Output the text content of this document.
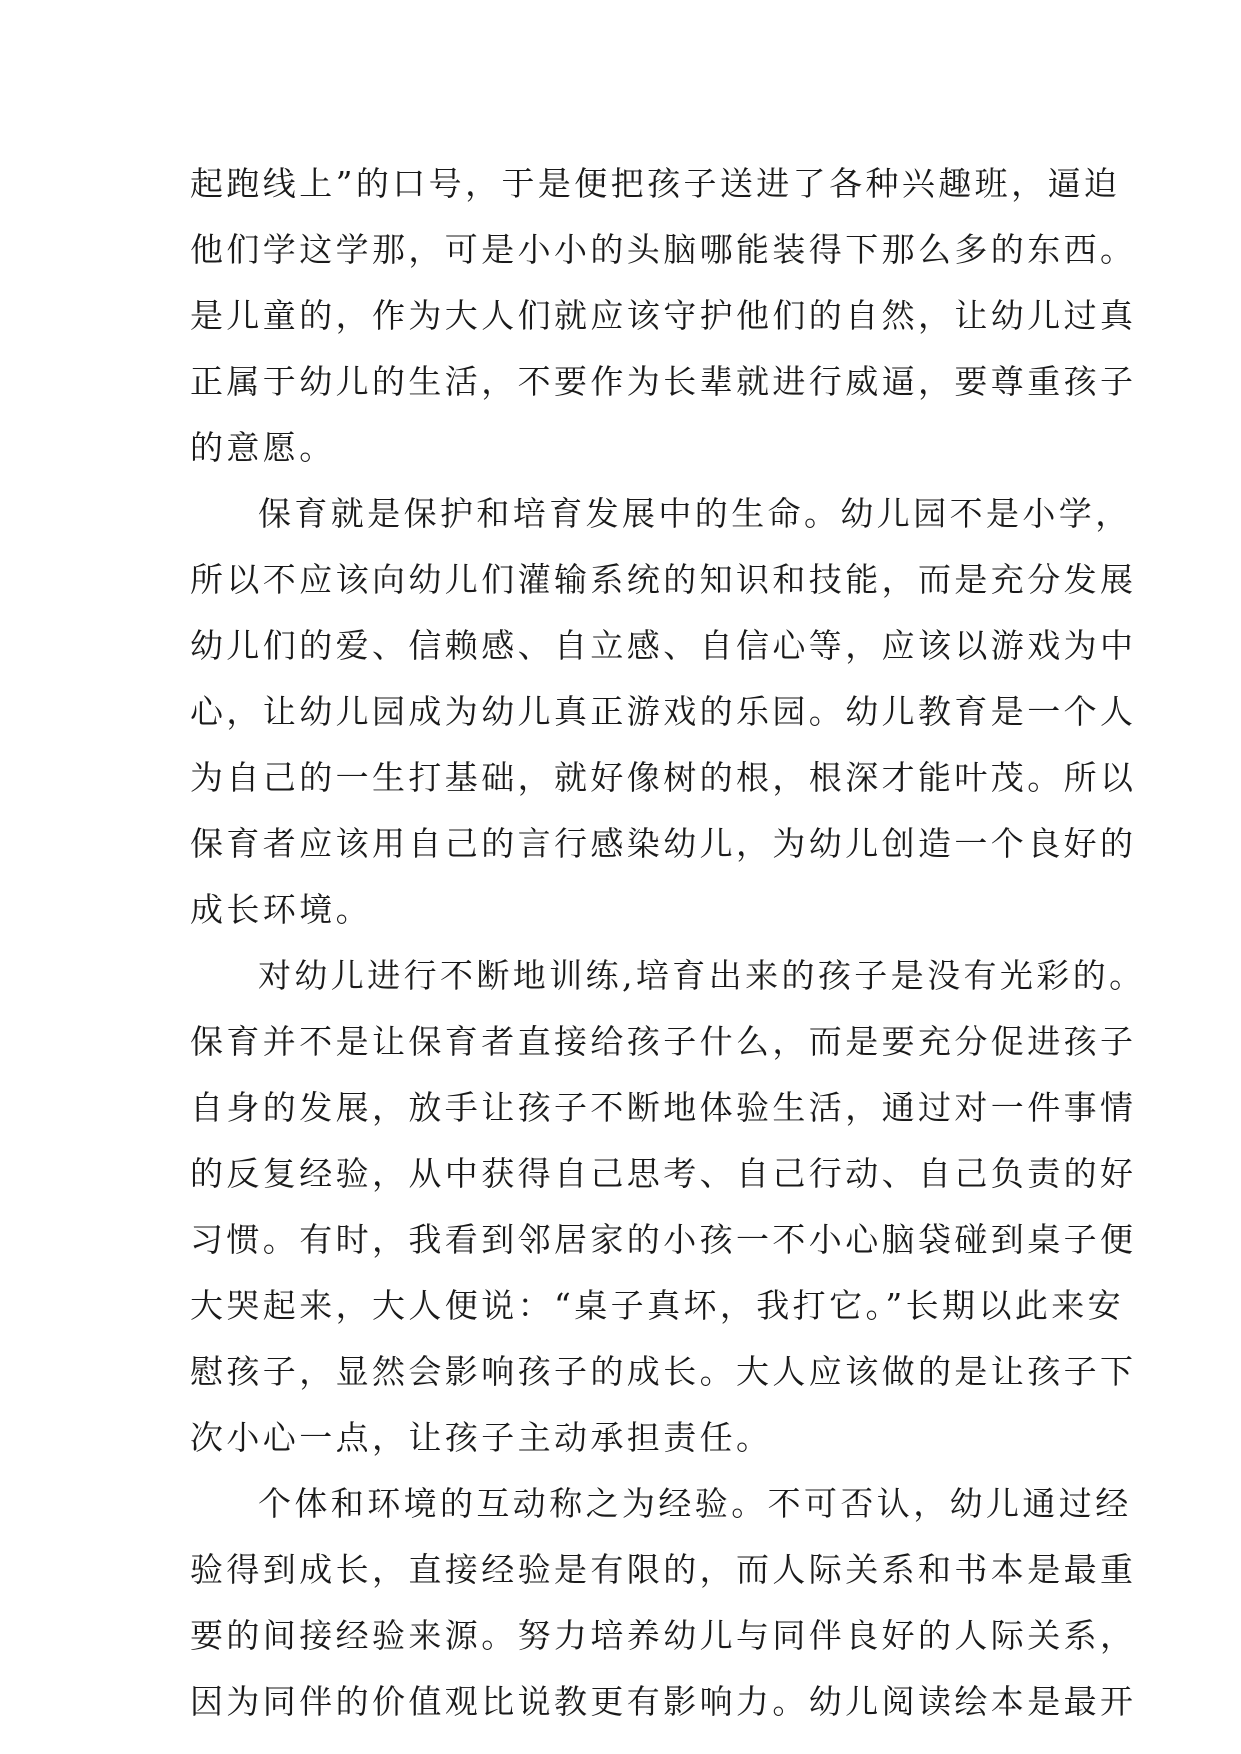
起跑线上”的口号，于是便把孩子送进了各种兴趣班，逼迫
他们学这学那，可是小小的头脑哪能装得下那么多的东西。
是儿童的，作为大人们就应该守护他们的自然，让幼儿过真
正属于幼儿的生活，不要作为长辈就进行威逼，要尊重孩子
的意愿。
保育就是保护和培育发展中的生命。幼儿园不是小学，
所以不应该向幼儿们灌输系统的知识和技能，而是充分发展
幼儿们的爱、信赖感、自立感、自信心等，应该以游戏为中
心，让幼儿园成为幼儿真正游戏的乐园。幼儿教育是一个人
为自己的一生打基础，就好像树的根，根深才能叶茂。所以
保育者应该用自己的言行感染幼儿，为幼儿创造一个良好的
成长环境。
对幼儿进行不断地训练,培育出来的孩子是没有光彩的。
保育并不是让保育者直接给孩子什么，而是要充分促进孩子
自身的发展，放手让孩子不断地体验生活，通过对一件事情
的反复经验，从中获得自己思考、自己行动、自己负责的好
习惯。有时，我看到邻居家的小孩一不小心脑袋碰到桌子便
大哭起来，大人便说：“桌子真坏，我打它。”长期以此来安
慰孩子，显然会影响孩子的成长。大人应该做的是让孩子下
次小心一点，让孩子主动承担责任。
个体和环境的互动称之为经验。不可否认，幼儿通过经
验得到成长，直接经验是有限的，而人际关系和书本是最重
要的间接经验来源。努力培养幼儿与同伴良好的人际关系，
因为同伴的价值观比说教更有影响力。幼儿阅读绘本是最开
